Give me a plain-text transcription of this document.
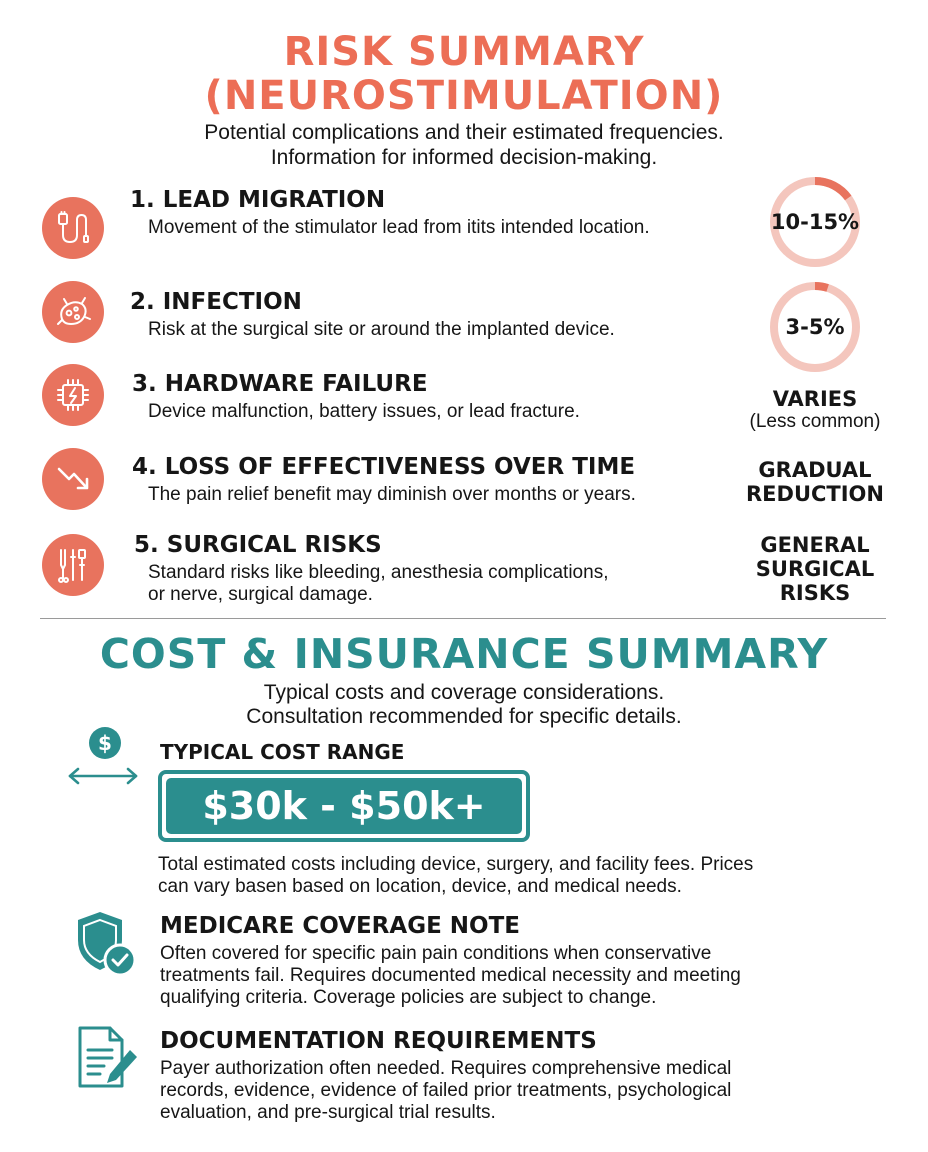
RISK SUMMARY
(NEUROSTIMULATION)
Potential complications and their estimated frequencies.
Information for informed decision-making.
1. LEAD MIGRATION
Movement of the stimulator lead from itits intended location.	10-15%
2. INFECTION
Risk at the surgical site or around the implanted device.	3-5%
3. HARDWARE FAILURE
Device malfunction, battery issues, or lead fracture.
VARIES
(Less common)
4. LOSS OF EFFECTIVENESS OVER TIME
The pain relief benefit may diminish over months or years.
GRADUAL
REDUCTION
5. SURGICAL RISKS
Standard risks like bleeding, anesthesia complications,
or nerve, surgical damage.
GENERAL
SURGICAL
RISKS
COST & INSURANCE SUMMARY
Typical costs and coverage considerations.
Consultation recommended for specific details.
$ TYPICAL COST RANGE
$30k - $50k+
Total estimated costs including device, surgery, and facility fees. Prices
can vary basen based on location, device, and medical needs.
MEDICARE COVERAGE NOTE
Often covered for specific pain pain conditions when conservative
treatments fail. Requires documented medical necessity and meeting
qualifying criteria. Coverage policies are subject to change.
DOCUMENTATION REQUIREMENTS
Payer authorization often needed. Requires comprehensive medical
records, evidence, evidence of failed prior treatments, psychological
evaluation, and pre-surgical trial results.
